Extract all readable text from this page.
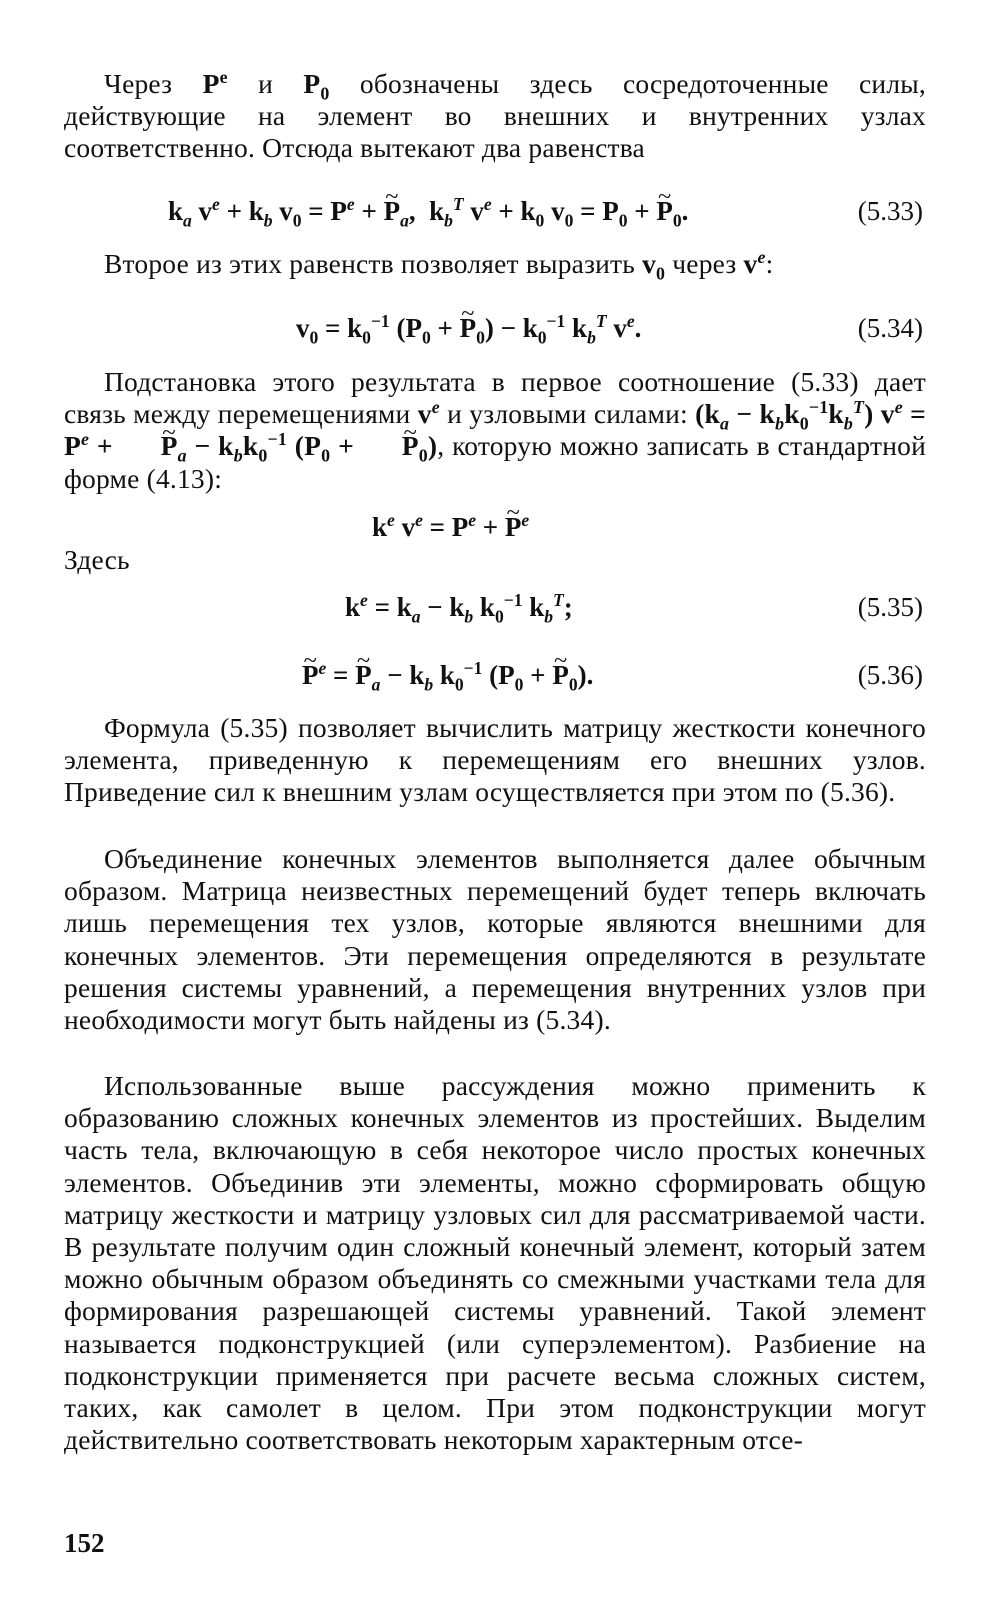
Через $P^e$ и $P_0$ обозначены здесь сосредоточенные силы, действующие на элемент во внешних и внутренних узлах соответственно. Отсюда вытекают два равенства

$k_a$ $v^e + k_b$ $v_0 = P^e$ + ~ $P_a$,  $k_b^T$ $v^e + k_0$ $v_0 = P_0$ + ~ $P_0$.	(5.33)

Второе из этих равенств позволяет выразить $v_0$ через $v^e$:

$v_0 = k_0^{-1}$ ($P_0$ + ~ $P_0) - k_0^{-1}$ $k_b^T$ $v^e$.	(5.34)

Подстановка этого результата в первое соотношение (5.33) дает связь между перемещениями $v^e$ и узловыми силами: $(k_a - k_bk_0^{-1}k_b^T) v^e = P^e$ + ~ $P_a - k_bk_0^{-1}$ ($P_0$ + ~ $P_0$), которую можно записать в стандартной форме (4.13):

$k^e$ $v^e = P^e$ + ~ $P^e$

Здесь

$k^e = k_a - k_b$ $k_0^{-1}$ $k_b^T$;	(5.35)
~ $P^e$ = ~ $P_a - k_b$ $k_0^{-1}$ ($P_0$ + ~ $P_0$).	(5.36)

Формула (5.35) позволяет вычислить матрицу жесткости конечного элемента, приведенную к перемещениям его внешних узлов. Приведение сил к внешним узлам осуществляется при этом по (5.36).

Объединение конечных элементов выполняется далее обычным образом. Матрица неизвестных перемещений будет теперь включать лишь перемещения тех узлов, которые являются внешними для конечных элементов. Эти перемещения определяются в результате решения системы уравнений, а перемещения внутренних узлов при необходимости могут быть найдены из (5.34).

Использованные выше рассуждения можно применить к образованию сложных конечных элементов из простейших. Выделим часть тела, включающую в себя некоторое число простых конечных элементов. Объединив эти элементы, можно сформировать общую матрицу жесткости и матрицу узловых сил для рассматриваемой части. В результате получим один сложный конечный элемент, который затем можно обычным образом объединять со смежными участками тела для формирования разрешающей системы уравнений. Такой элемент называется подконструкцией (или суперэлементом). Разбиение на подконструкции применяется при расчете весьма сложных систем, таких, как самолет в целом. При этом подконструкции могут действительно соответствовать некоторым характерным отсе-

152
